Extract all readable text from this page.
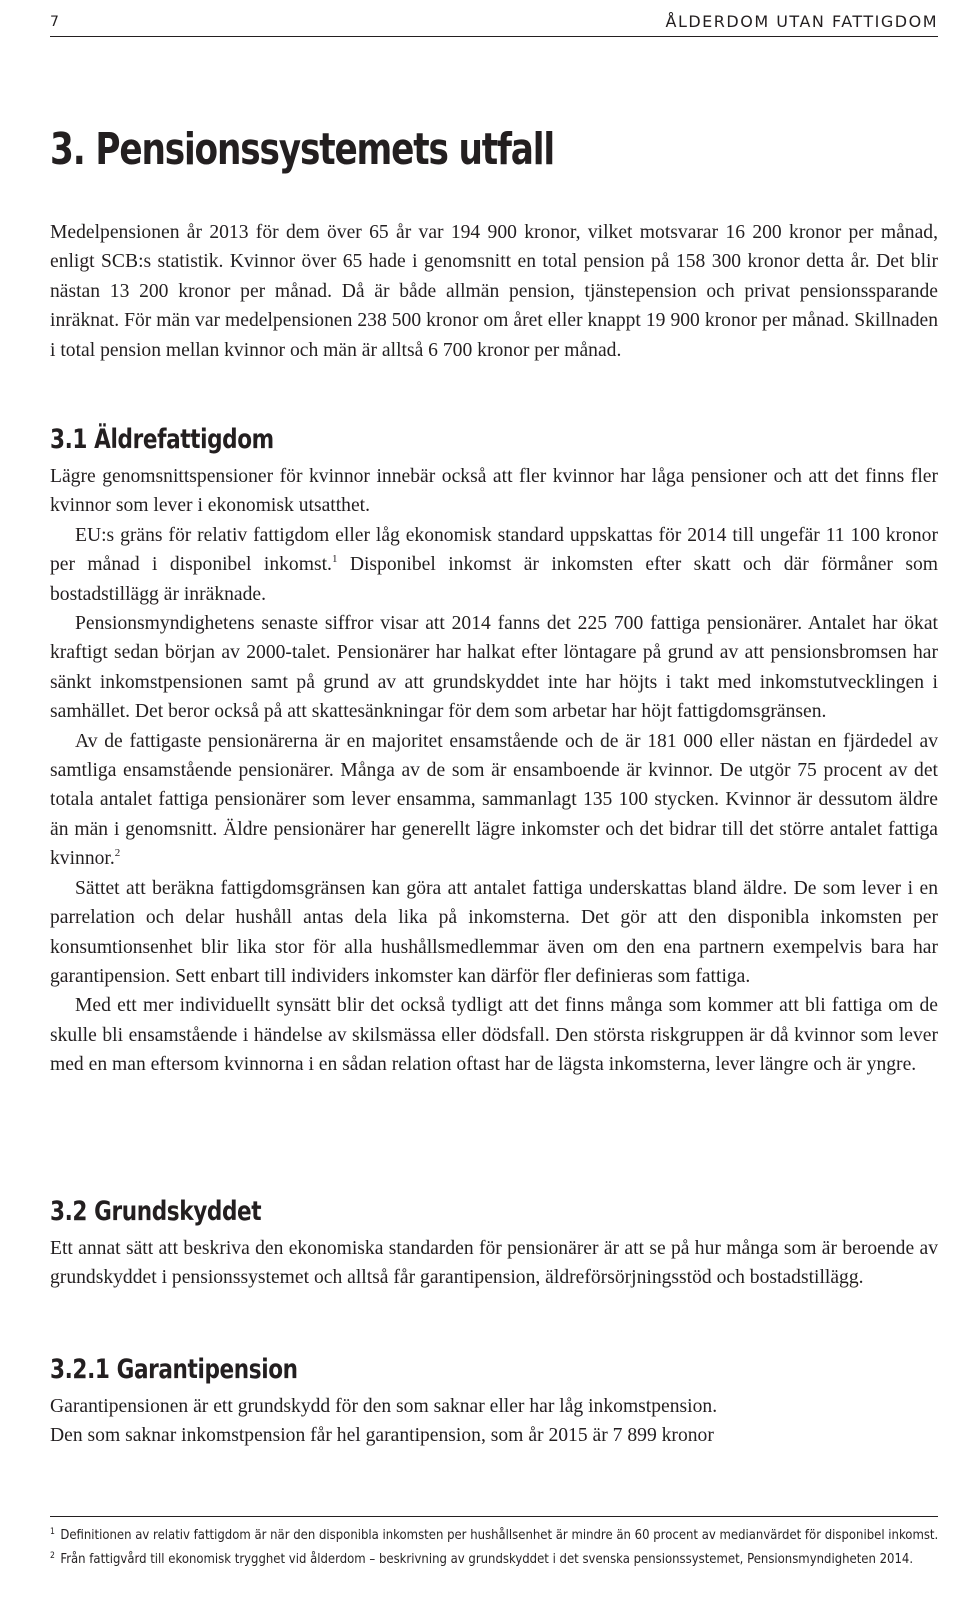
7	ÅLDERDOM UTAN FATTIGDOM
3. Pensionssystemets utfall

Medelpensionen år 2013 för dem över 65 år var 194 900 kronor, vilket motsvarar 16 200 kronor per månad, enligt SCB:s statistik. Kvinnor över 65 hade i genomsnitt en total pension på 158 300 kronor detta år. Det blir nästan 13 200 kronor per månad. Då är både allmän pension, tjänstepension och privat pensionssparande inräknat. För män var medelpensionen 238 500 kronor om året eller knappt 19 900 kronor per månad. Skillnaden i total pension mellan kvinnor och män är alltså 6 700 kronor per månad.

3.1 Äldrefattigdom

Lägre genomsnittspensioner för kvinnor innebär också att fler kvinnor har låga pensioner och att det finns fler kvinnor som lever i ekonomisk utsatthet.

EU:s gräns för relativ fattigdom eller låg ekonomisk standard uppskattas för 2014 till ungefär 11 100 kronor per månad i disponibel inkomst.$^1$ Disponibel inkomst är inkomsten efter skatt och där förmåner som bostadstillägg är inräknade.

Pensionsmyndighetens senaste siffror visar att 2014 fanns det 225 700 fattiga pensionärer. Antalet har ökat kraftigt sedan början av 2000-talet. Pensionärer har halkat efter löntagare på grund av att pensionsbromsen har sänkt inkomstpensionen samt på grund av att grundskyddet inte har höjts i takt med inkomstutvecklingen i samhället. Det beror också på att skattesänkningar för dem som arbetar har höjt fattigdomsgränsen.

Av de fattigaste pensionärerna är en majoritet ensamstående och de är 181 000 eller nästan en fjärdedel av samtliga ensamstående pensionärer. Många av de som är ensamboende är kvinnor. De utgör 75 procent av det totala antalet fattiga pensionärer som lever ensamma, sammanlagt 135 100 stycken. Kvinnor är dessutom äldre än män i genomsnitt. Äldre pensionärer har generellt lägre inkomster och det bidrar till det större antalet fattiga kvinnor.$^2$

Sättet att beräkna fattigdomsgränsen kan göra att antalet fattiga underskattas bland äldre. De som lever i en parrelation och delar hushåll antas dela lika på inkomsterna. Det gör att den disponibla inkomsten per konsumtionsenhet blir lika stor för alla hushållsmedlemmar även om den ena partnern exempelvis bara har garantipension. Sett enbart till individers inkomster kan därför fler definieras som fattiga.

Med ett mer individuellt synsätt blir det också tydligt att det finns många som kommer att bli fattiga om de skulle bli ensamstående i händelse av skilsmässa eller dödsfall. Den största riskgruppen är då kvinnor som lever med en man eftersom kvinnorna i en sådan relation oftast har de lägsta inkomsterna, lever längre och är yngre.

3.2 Grundskyddet

Ett annat sätt att beskriva den ekonomiska standarden för pensionärer är att se på hur många som är beroende av grundskyddet i pensionssystemet och alltså får garantipension, äldreförsörjningsstöd och bostadstillägg.

3.2.1 Garantipension

Garantipensionen är ett grundskydd för den som saknar eller har låg inkomstpension.

Den som saknar inkomstpension får hel garantipension, som år 2015 är 7 899 kronor

1 Definitionen av relativ fattigdom är när den disponibla inkomsten per hushållsenhet är mindre än 60 procent av medianvärdet för disponibel inkomst.
2 Från fattigvård till ekonomisk trygghet vid ålderdom – beskrivning av grundskyddet i det svenska pensionssystemet, Pensionsmyndigheten 2014.
